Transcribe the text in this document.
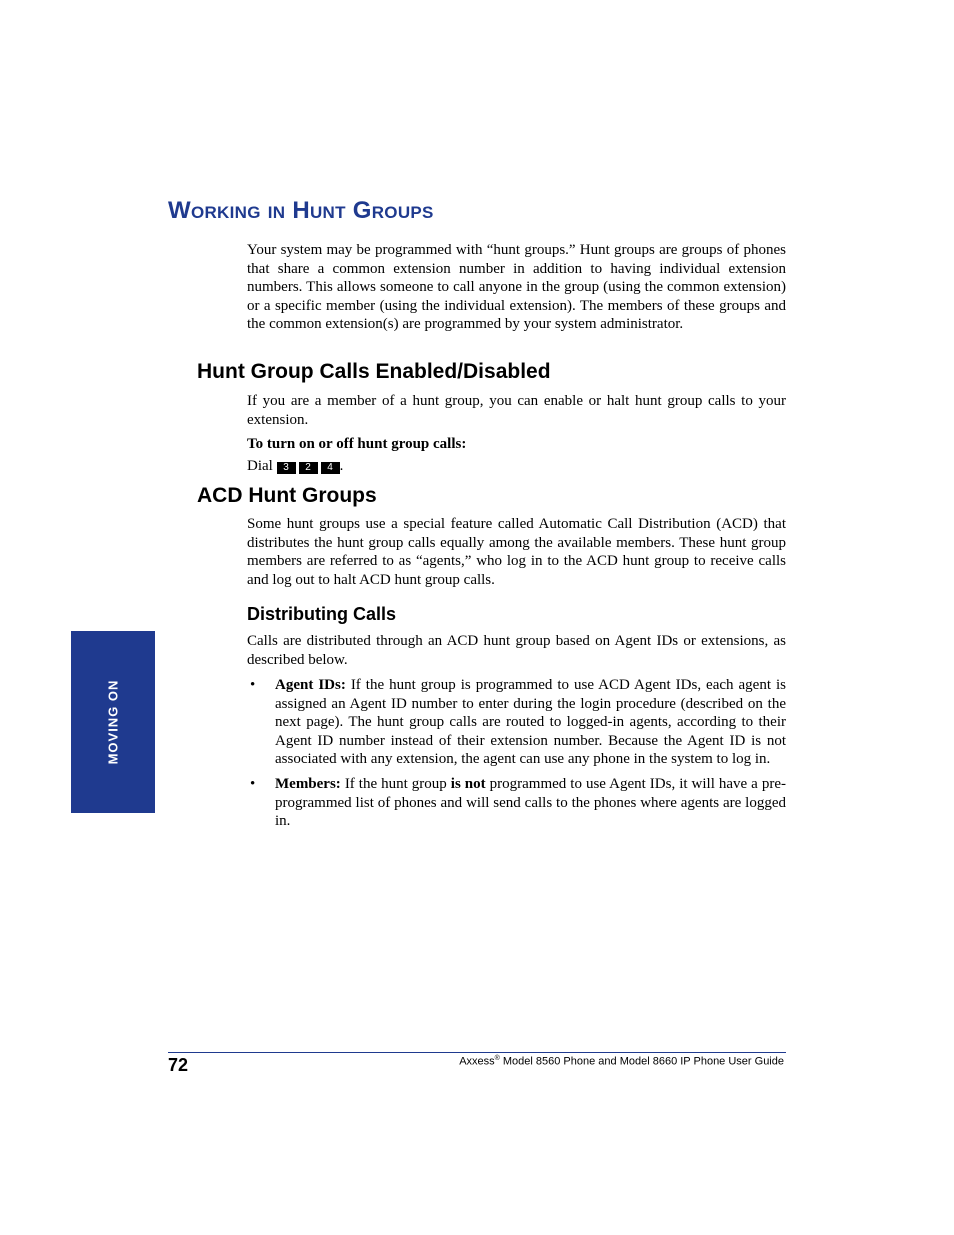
Working in Hunt Groups

Your system may be programmed with “hunt groups.” Hunt groups are groups of phones that share a common extension number in addition to having individual extension numbers. This allows someone to call anyone in the group (using the common extension) or a specific member (using the individual extension). The members of these groups and the common extension(s) are programmed by your system administrator.

Hunt Group Calls Enabled/Disabled

If you are a member of a hunt group, you can enable or halt hunt group calls to your extension.

To turn on or off hunt group calls:

Dial 3 2 4 .

ACD Hunt Groups

Some hunt groups use a special feature called Automatic Call Distribution (ACD) that distributes the hunt group calls equally among the available members. These hunt group members are referred to as “agents,” who log in to the ACD hunt group to receive calls and log out to halt ACD hunt group calls.

Distributing Calls

Calls are distributed through an ACD hunt group based on Agent IDs or extensions, as described below.

• Agent IDs: If the hunt group is programmed to use ACD Agent IDs, each agent is assigned an Agent ID number to enter during the login procedure (described on the next page). The hunt group calls are routed to logged-in agents, according to their Agent ID number instead of their extension number. Because the Agent ID is not associated with any extension, the agent can use any phone in the system to log in.
• Members: If the hunt group is not programmed to use Agent IDs, it will have a pre-programmed list of phones and will send calls to the phones where agents are logged in.
MOVING ON
72	Axxess® Model 8560 Phone and Model 8660 IP Phone User Guide
